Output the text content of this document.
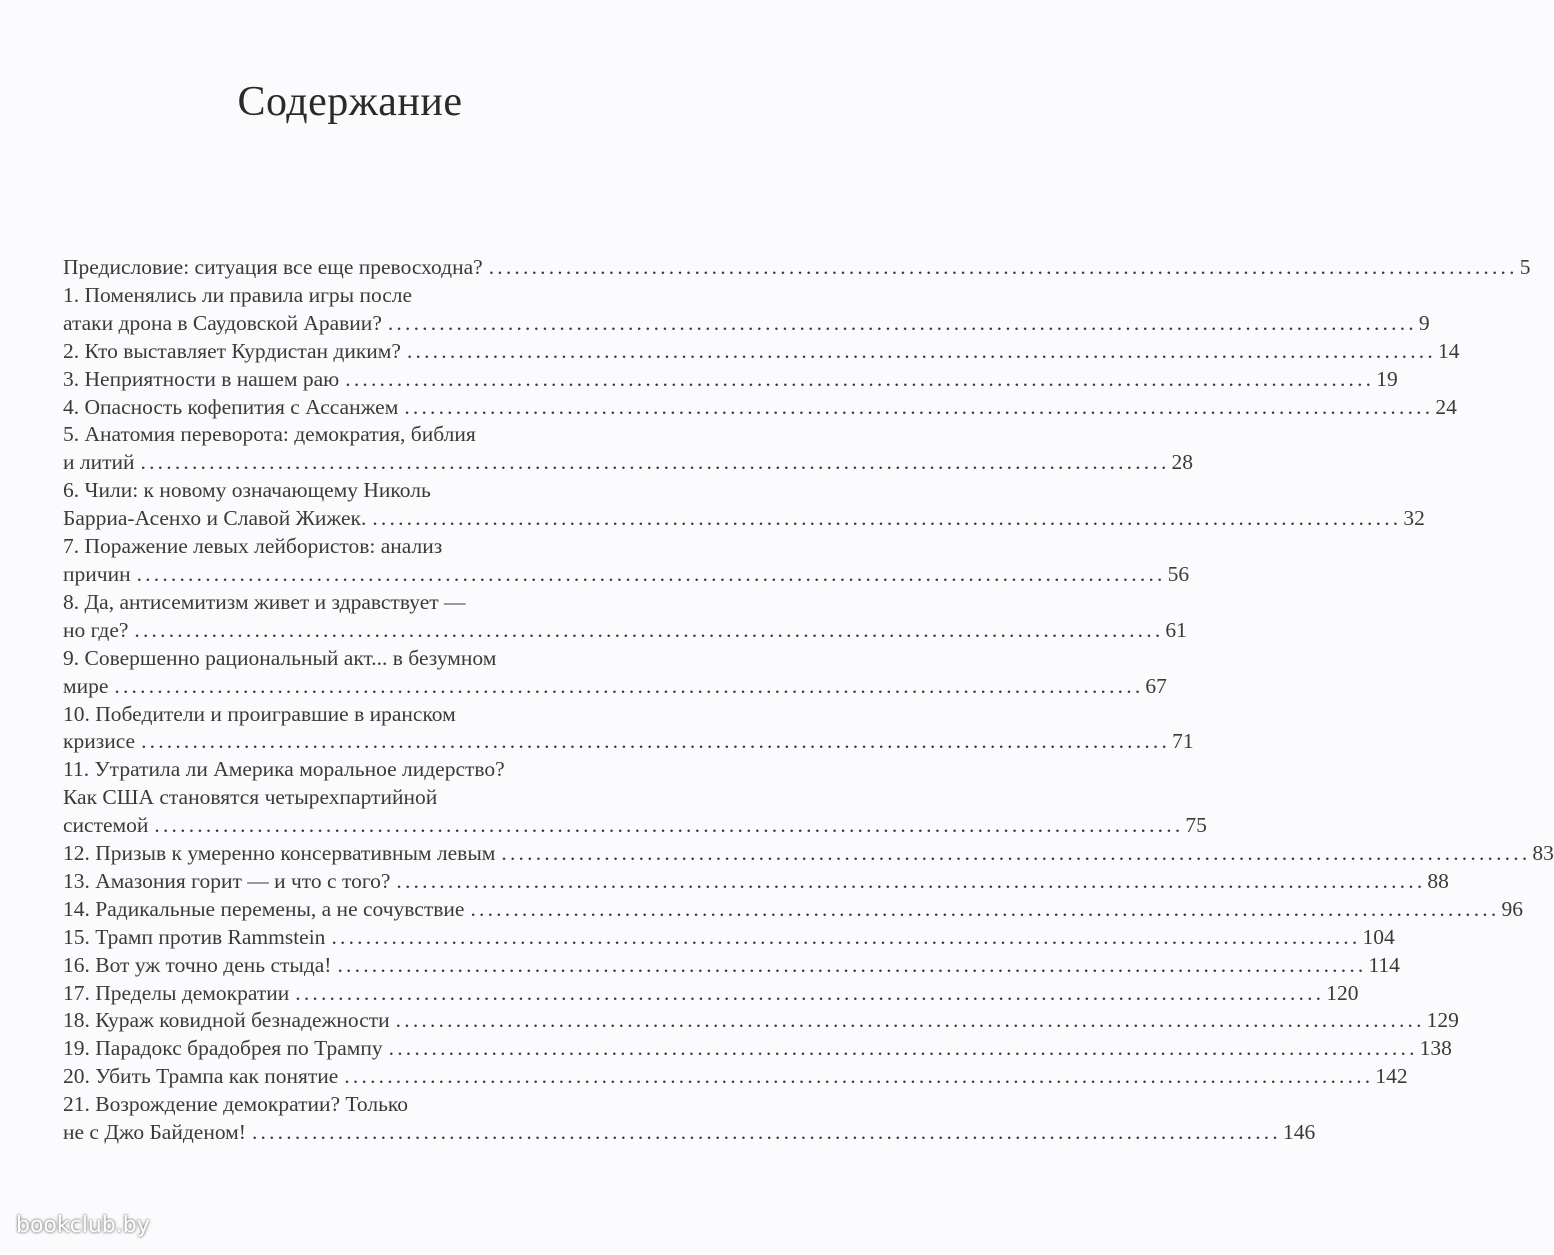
Содержание
Предисловие: ситуация все еще превосходна? ........................................................................................................................ 5
1. Поменялись ли правила игры после
атаки дрона в Саудовской Аравии? ........................................................................................................................ 9
2. Кто выставляет Курдистан диким? ........................................................................................................................ 14
3. Неприятности в нашем раю ........................................................................................................................ 19
4. Опасность кофепития с Ассанжем ........................................................................................................................ 24
5. Анатомия переворота: демократия, библия
и литий ........................................................................................................................ 28
6. Чили: к новому означающему Николь
Барриа-Асенхо и Славой Жижек. ........................................................................................................................ 32
7. Поражение левых лейбористов: анализ
причин ........................................................................................................................ 56
8. Да, антисемитизм живет и здравствует —
но где? ........................................................................................................................ 61
9. Совершенно рациональный акт... в безумном
мире ........................................................................................................................ 67
10. Победители и проигравшие в иранском
кризисе ........................................................................................................................ 71
11. Утратила ли Америка моральное лидерство?
Как США становятся четырехпартийной
системой ........................................................................................................................ 75
12. Призыв к умеренно консервативным левым ........................................................................................................................ 83
13. Амазония горит — и что с того? ........................................................................................................................ 88
14. Радикальные перемены, а не сочувствие ........................................................................................................................ 96
15. Трамп против Rammstein ........................................................................................................................ 104
16. Вот уж точно день стыда! ........................................................................................................................ 114
17. Пределы демократии ........................................................................................................................ 120
18. Кураж ковидной безнадежности ........................................................................................................................ 129
19. Парадокс брадобрея по Трампу ........................................................................................................................ 138
20. Убить Трампа как понятие ........................................................................................................................ 142
21. Возрождение демократии? Только
не с Джо Байденом! ........................................................................................................................ 146
bookclub.by
